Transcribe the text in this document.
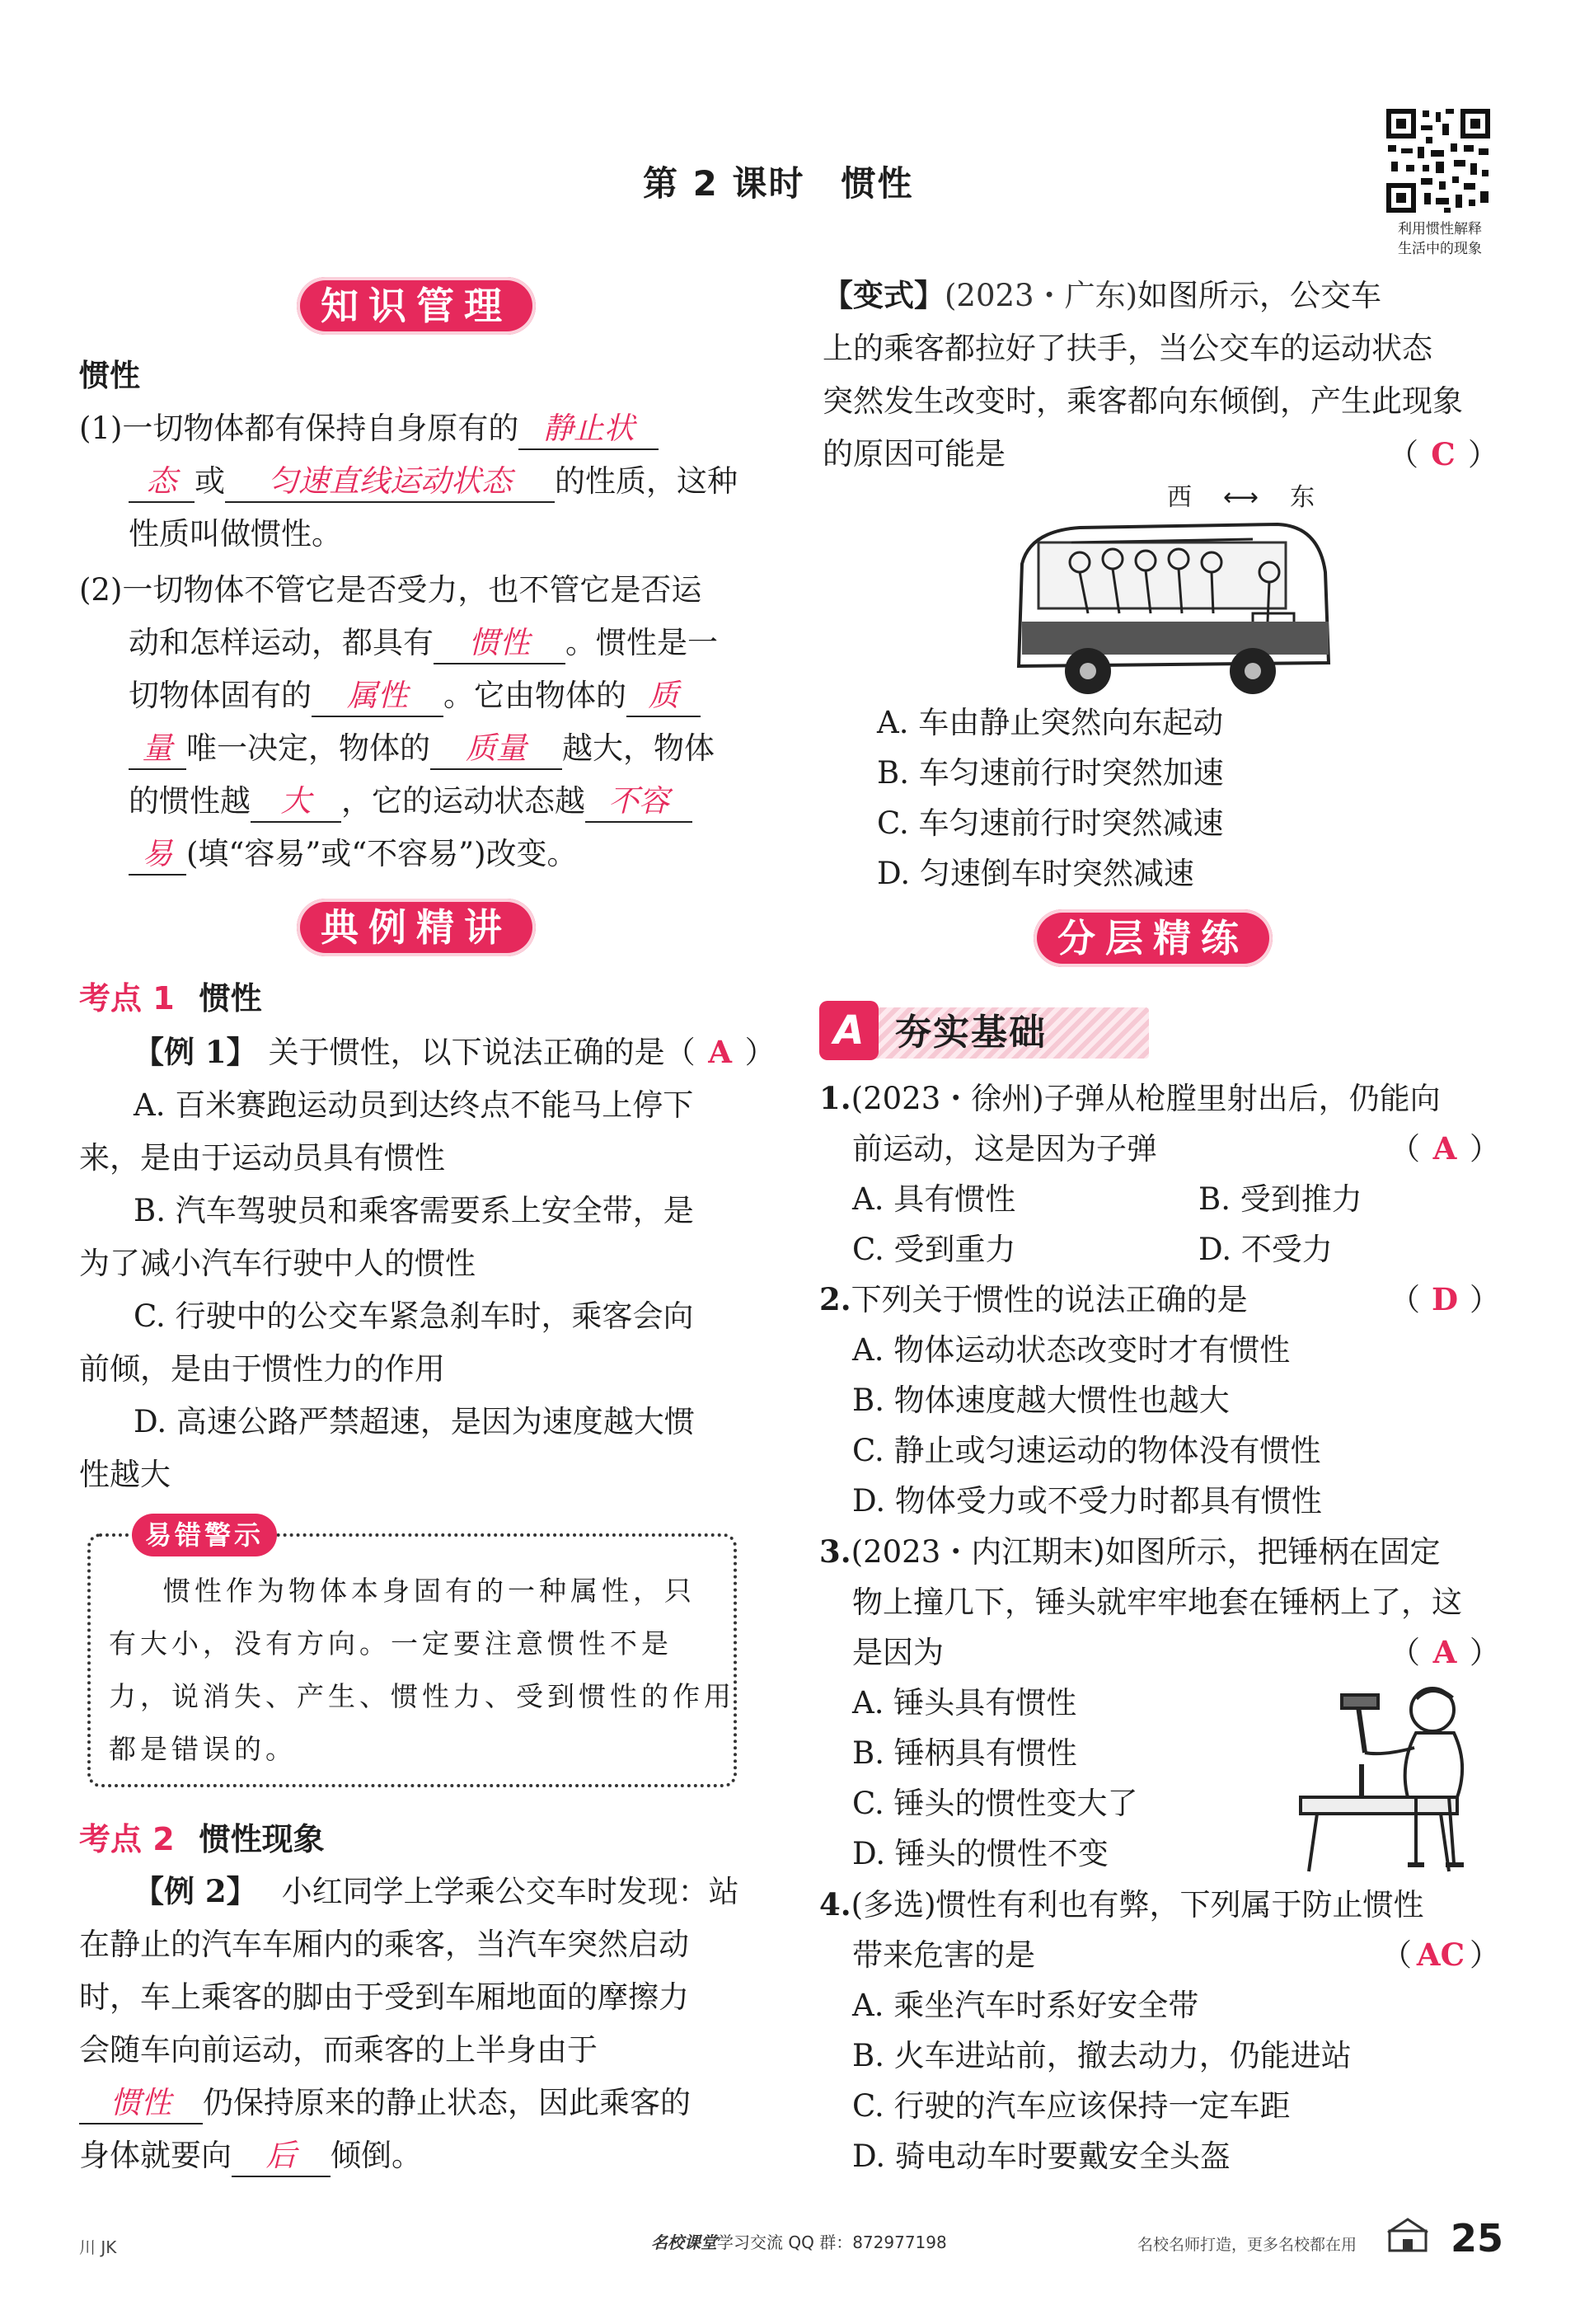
第 2 课时　惯性
利用惯性解释
生活中的现象
知识管理
惯性
(1)一切物体都有保持自身原有的 静止状
态 或 匀速直线运动状态 的性质，这种
性质叫做惯性。
(2)一切物体不管它是否受力，也不管它是否运
动和怎样运动，都具有 惯性 。惯性是一
切物体固有的 属性 。它由物体的 质
量 唯一决定，物体的 质量 越大，物体
的惯性越 大 ，它的运动状态越 不容
易 (填“容易”或“不容易”)改变。
典例精讲
考点 1 惯性
【例 1】 关于惯性，以下说法正确的是（ A ）
A. 百米赛跑运动员到达终点不能马上停下
来，是由于运动员具有惯性
B. 汽车驾驶员和乘客需要系上安全带，是
为了减小汽车行驶中人的惯性
C. 行驶中的公交车紧急刹车时，乘客会向
前倾，是由于惯性力的作用
D. 高速公路严禁超速，是因为速度越大惯
性越大
易错警示
惯性作为物体本身固有的一种属性，只
有大小，没有方向。一定要注意惯性不是
力，说消失、产生、惯性力、受到惯性的作用
都是错误的。
考点 2 惯性现象
【例 2】 小红同学上学乘公交车时发现：站
在静止的汽车车厢内的乘客，当汽车突然启动
时，车上乘客的脚由于受到车厢地面的摩擦力
会随车向前运动，而乘客的上半身由于
惯性 仍保持原来的静止状态，因此乘客的
身体就要向 后 倾倒。
【变式】(2023・广东)如图所示，公交车
上的乘客都拉好了扶手，当公交车的运动状态
突然发生改变时，乘客都向东倾倒，产生此现象
的原因可能是	（ C ）
西 ⟷ 东
A. 车由静止突然向东起动
B. 车匀速前行时突然加速
C. 车匀速前行时突然减速
D. 匀速倒车时突然减速
分层精练
A 夯实基础
1.(2023・徐州)子弹从枪膛里射出后，仍能向
前运动，这是因为子弹	（ A ）
A. 具有惯性	B. 受到推力
C. 受到重力	D. 不受力
2.下列关于惯性的说法正确的是	（ D ）
A. 物体运动状态改变时才有惯性
B. 物体速度越大惯性也越大
C. 静止或匀速运动的物体没有惯性
D. 物体受力或不受力时都具有惯性
3.(2023・内江期末)如图所示，把锤柄在固定
物上撞几下，锤头就牢牢地套在锤柄上了，这
是因为	（ A ）
A. 锤头具有惯性
B. 锤柄具有惯性
C. 锤头的惯性变大了
D. 锤头的惯性不变
4.(多选)惯性有利也有弊，下列属于防止惯性
带来危害的是	（ AC ）
A. 乘坐汽车时系好安全带
B. 火车进站前，撤去动力，仍能进站
C. 行驶的汽车应该保持一定车距
D. 骑电动车时要戴安全头盔
川 JK	名校课堂学习交流 QQ 群：872977198	名校名师打造，更多名校都在用 25
